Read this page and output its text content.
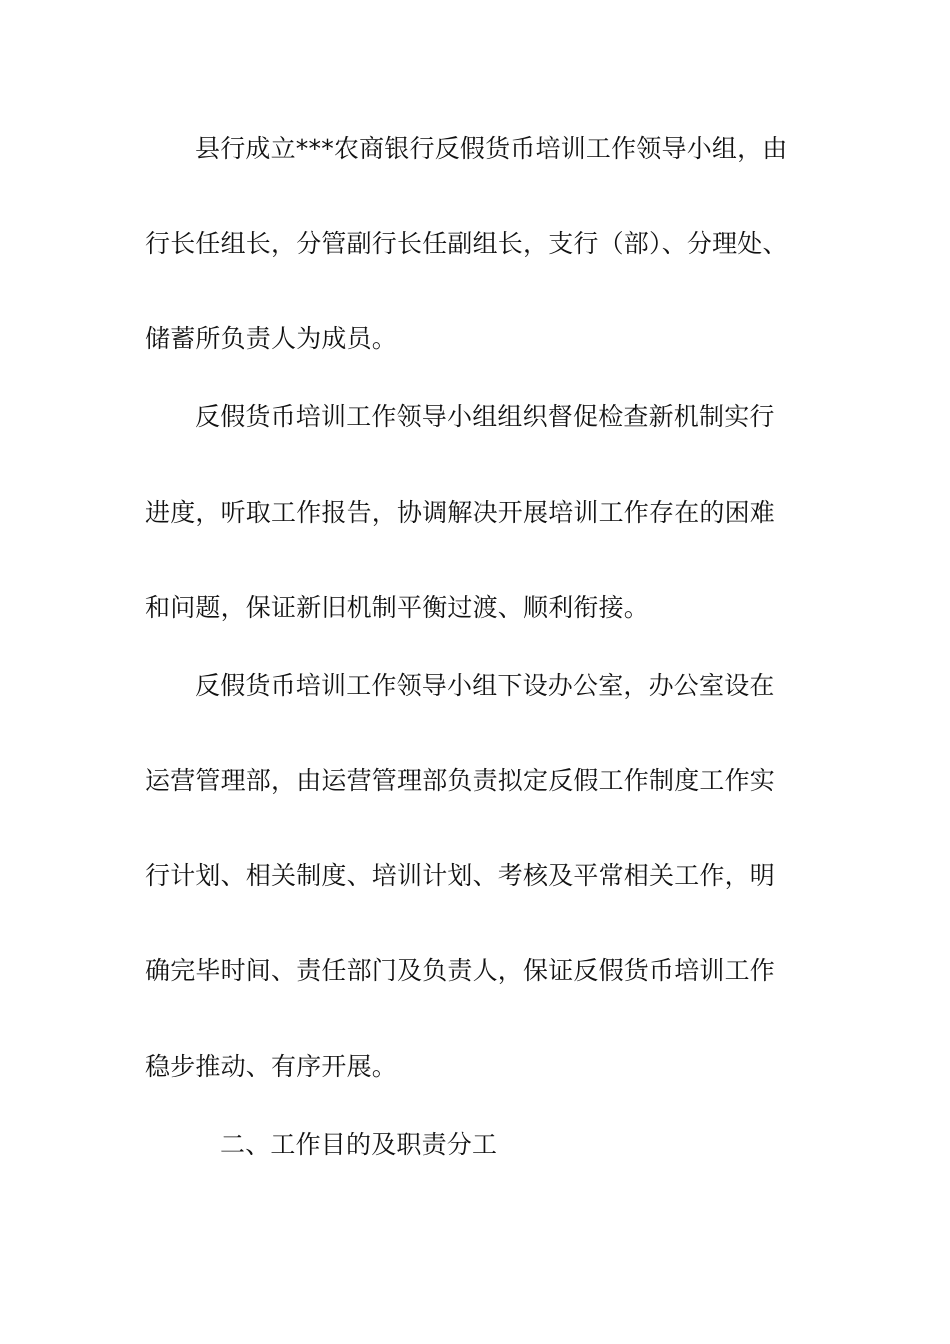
县行成立***农商银行反假货币培训工作领导小组，由
行长任组长，分管副行长任副组长，支行（部）、分理处、
储蓄所负责人为成员。
反假货币培训工作领导小组组织督促检查新机制实行
进度，听取工作报告，协调解决开展培训工作存在的困难
和问题，保证新旧机制平衡过渡、顺利衔接。
反假货币培训工作领导小组下设办公室，办公室设在
运营管理部，由运营管理部负责拟定反假工作制度工作实
行计划、相关制度、培训计划、考核及平常相关工作，明
确完毕时间、责任部门及负责人，保证反假货币培训工作
稳步推动、有序开展。
二、工作目的及职责分工
